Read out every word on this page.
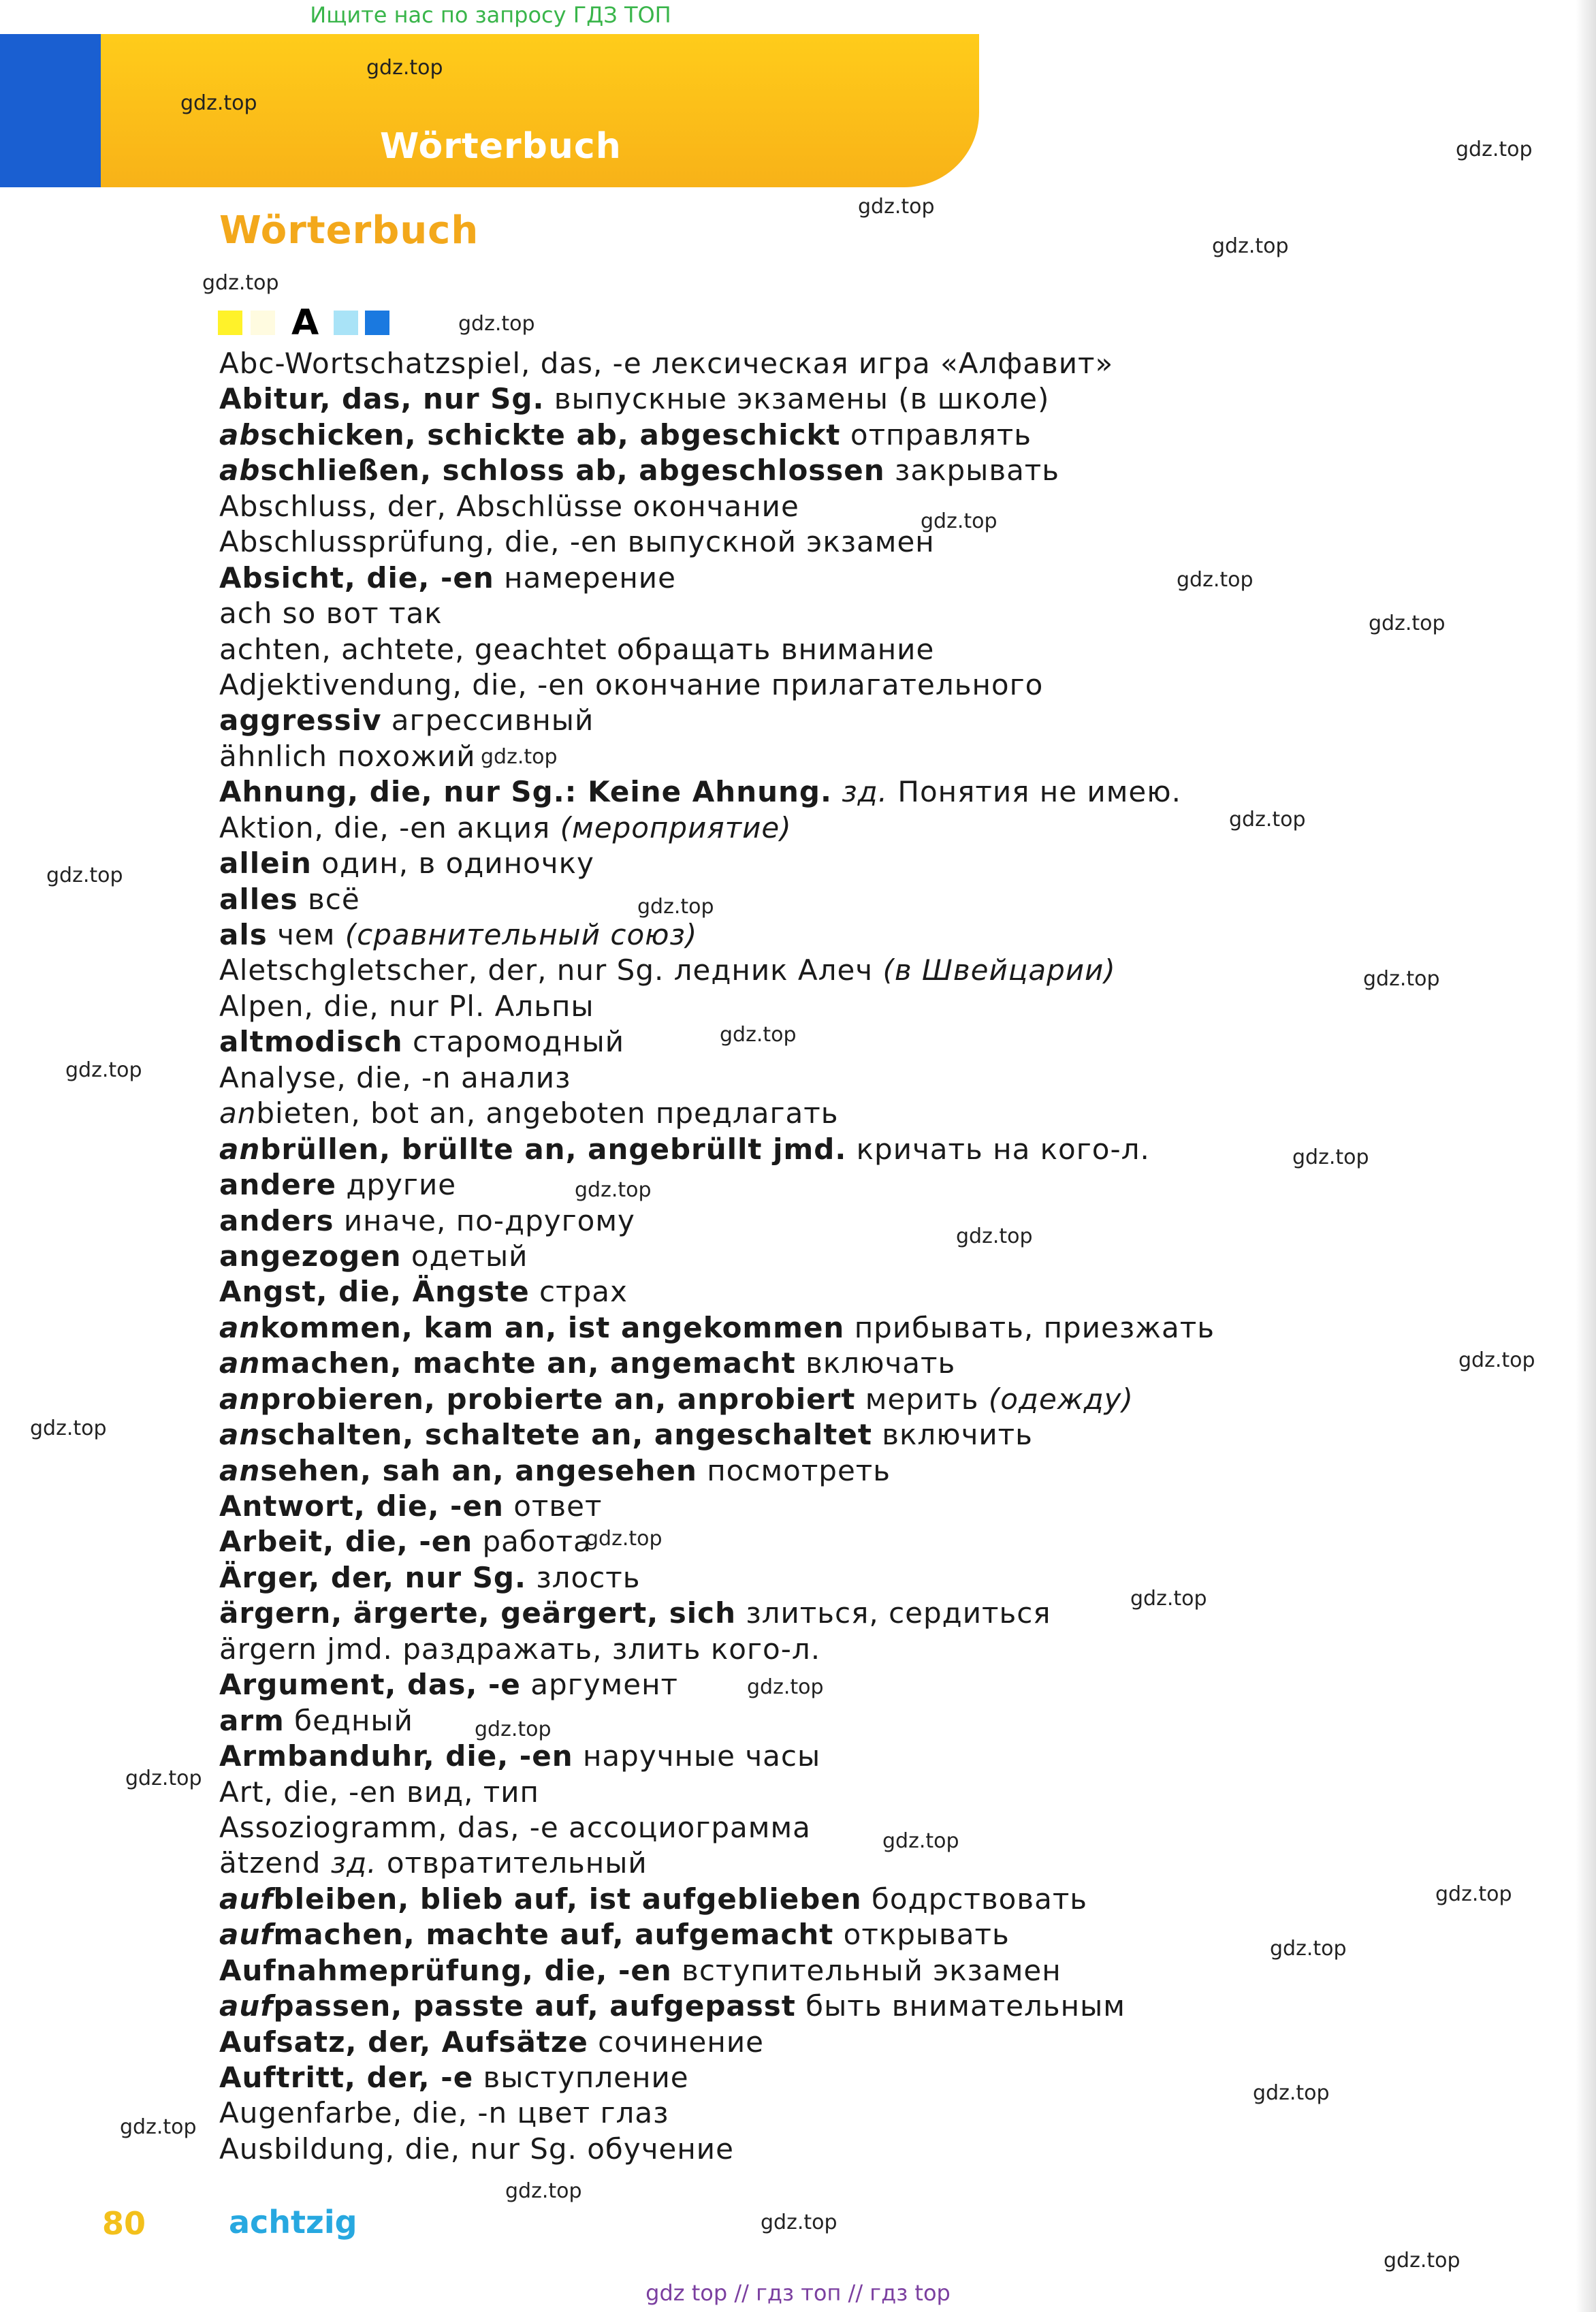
Ищите нас по запросу ГДЗ ТОП
Wörterbuch
Wörterbuch
A
Abc-Wortschatzspiel, das, -e лексическая игра «Алфавит»
Abitur, das, nur Sg. выпускные экзамены (в школе)
abschicken, schickte ab, abgeschickt отправлять
abschließen, schloss ab, abgeschlossen закрывать
Abschluss, der, Abschlüsse окончание
Abschlussprüfung, die, -en выпускной экзамен
Absicht, die, -en намерение
ach so вот так
achten, achtete, geachtet обращать внимание
Adjektivendung, die, -en окончание прилагательного
aggressiv агрессивный
ähnlich похожий
Ahnung, die, nur Sg.: Keine Ahnung. зд. Понятия не имею.
Aktion, die, -en акция (мероприятие)
allein один, в одиночку
alles всё
als чем (сравнительный союз)
Aletschgletscher, der, nur Sg. ледник Алеч (в Швейцарии)
Alpen, die, nur Pl. Альпы
altmodisch старомодный
Analyse, die, -n анализ
anbieten, bot an, angeboten предлагать
anbrüllen, brüllte an, angebrüllt jmd. кричать на кого-л.
andere другие
anders иначе, по-другому
angezogen одетый
Angst, die, Ängste страх
ankommen, kam an, ist angekommen прибывать, приезжать
anmachen, machte an, angemacht включать
anprobieren, probierte an, anprobiert мерить (одежду)
anschalten, schaltete an, angeschaltet включить
ansehen, sah an, angesehen посмотреть
Antwort, die, -en ответ
Arbeit, die, -en работа
Ärger, der, nur Sg. злость
ärgern, ärgerte, geärgert, sich злиться, сердиться
ärgern jmd. раздражать, злить кого-л.
Argument, das, -e аргумент
arm бедный
Armbanduhr, die, -en наручные часы
Art, die, -en вид, тип
Assoziogramm, das, -e ассоциограмма
ätzend зд. отвратительный
aufbleiben, blieb auf, ist aufgeblieben бодрствовать
aufmachen, machte auf, aufgemacht открывать
Aufnahmeprüfung, die, -en вступительный экзамен
aufpassen, passte auf, aufgepasst быть внимательным
Aufsatz, der, Aufsätze сочинение
Auftritt, der, -e выступление
Augenfarbe, die, -n цвет глаз
Ausbildung, die, nur Sg. обучение
80	achtzig
gdz top // гдз топ // гдз top
gdz.top
gdz.top
gdz.top
gdz.top
gdz.top
gdz.top
gdz.top
gdz.top
gdz.top
gdz.top
gdz.top
gdz.top
gdz.top
gdz.top
gdz.top
gdz.top
gdz.top
gdz.top
gdz.top
gdz.top
gdz.top
gdz.top
gdz.top
gdz.top
gdz.top
gdz.top
gdz.top
gdz.top
gdz.top
gdz.top
gdz.top
gdz.top
gdz.top
gdz.top
gdz.top
